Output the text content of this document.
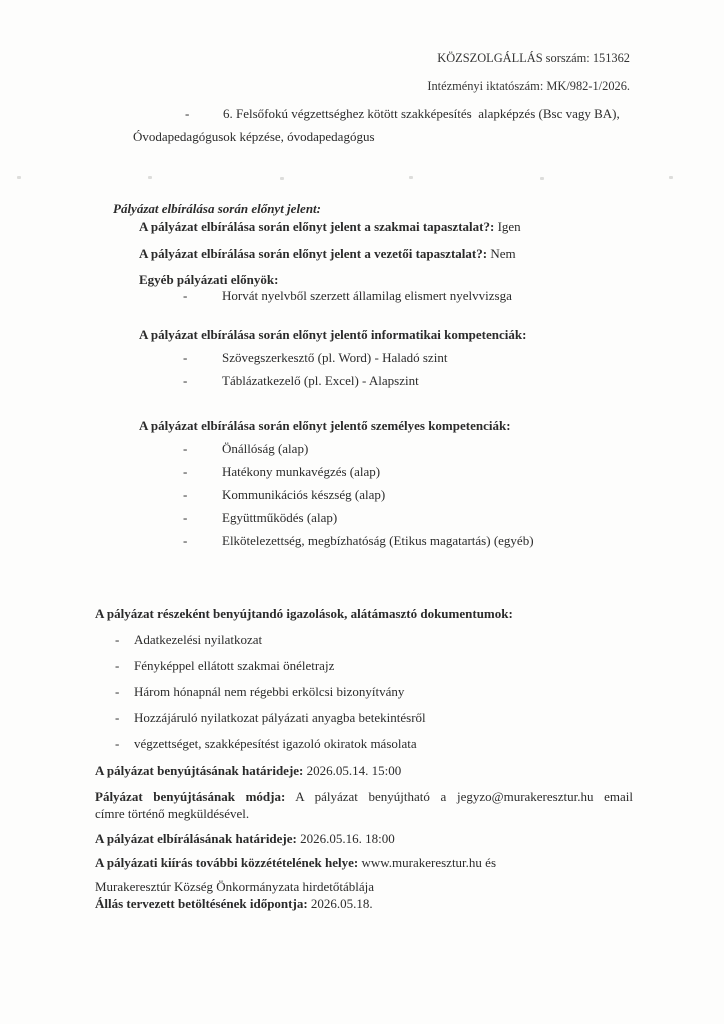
KÖZSZOLGÁLLÁS sorszám: 151362
Intézményi iktatószám: MK/982-1/2026.
-	6. Felsőfokú végzettséghez kötött szakképesítés  alapképzés (Bsc vagy BA),
Óvodapedagógusok képzése, óvodapedagógus
Pályázat elbírálása során előnyt jelent:
A pályázat elbírálása során előnyt jelent a szakmai tapasztalat?: Igen
A pályázat elbírálása során előnyt jelent a vezetői tapasztalat?: Nem
Egyéb pályázati előnyök:
-	Horvát nyelvből szerzett államilag elismert nyelvvizsga
A pályázat elbírálása során előnyt jelentő informatikai kompetenciák:
-	Szövegszerkesztő (pl. Word) - Haladó szint
-	Táblázatkezelő (pl. Excel) - Alapszint
A pályázat elbírálása során előnyt jelentő személyes kompetenciák:
-	Önállóság (alap)
-	Hatékony munkavégzés (alap)
-	Kommunikációs készség (alap)
-	Együttműködés (alap)
-	Elkötelezettség, megbízhatóság (Etikus magatartás) (egyéb)
A pályázat részeként benyújtandó igazolások, alátámasztó dokumentumok:
- Adatkezelési nyilatkozat
- Fényképpel ellátott szakmai önéletrajz
- Három hónapnál nem régebbi erkölcsi bizonyítvány
- Hozzájáruló nyilatkozat pályázati anyagba betekintésről
- végzettséget, szakképesítést igazoló okiratok másolata
A pályázat benyújtásának határideje: 2026.05.14. 15:00
Pályázat benyújtásának módja: A pályázat benyújtható a jegyzo@murakeresztur.hu email
címre történő megküldésével.
A pályázat elbírálásának határideje: 2026.05.16. 18:00
A pályázati kiírás további közzétételének helye: www.murakeresztur.hu és
Murakeresztúr Község Önkormányzata hirdetőtáblája
Állás tervezett betöltésének időpontja: 2026.05.18.
